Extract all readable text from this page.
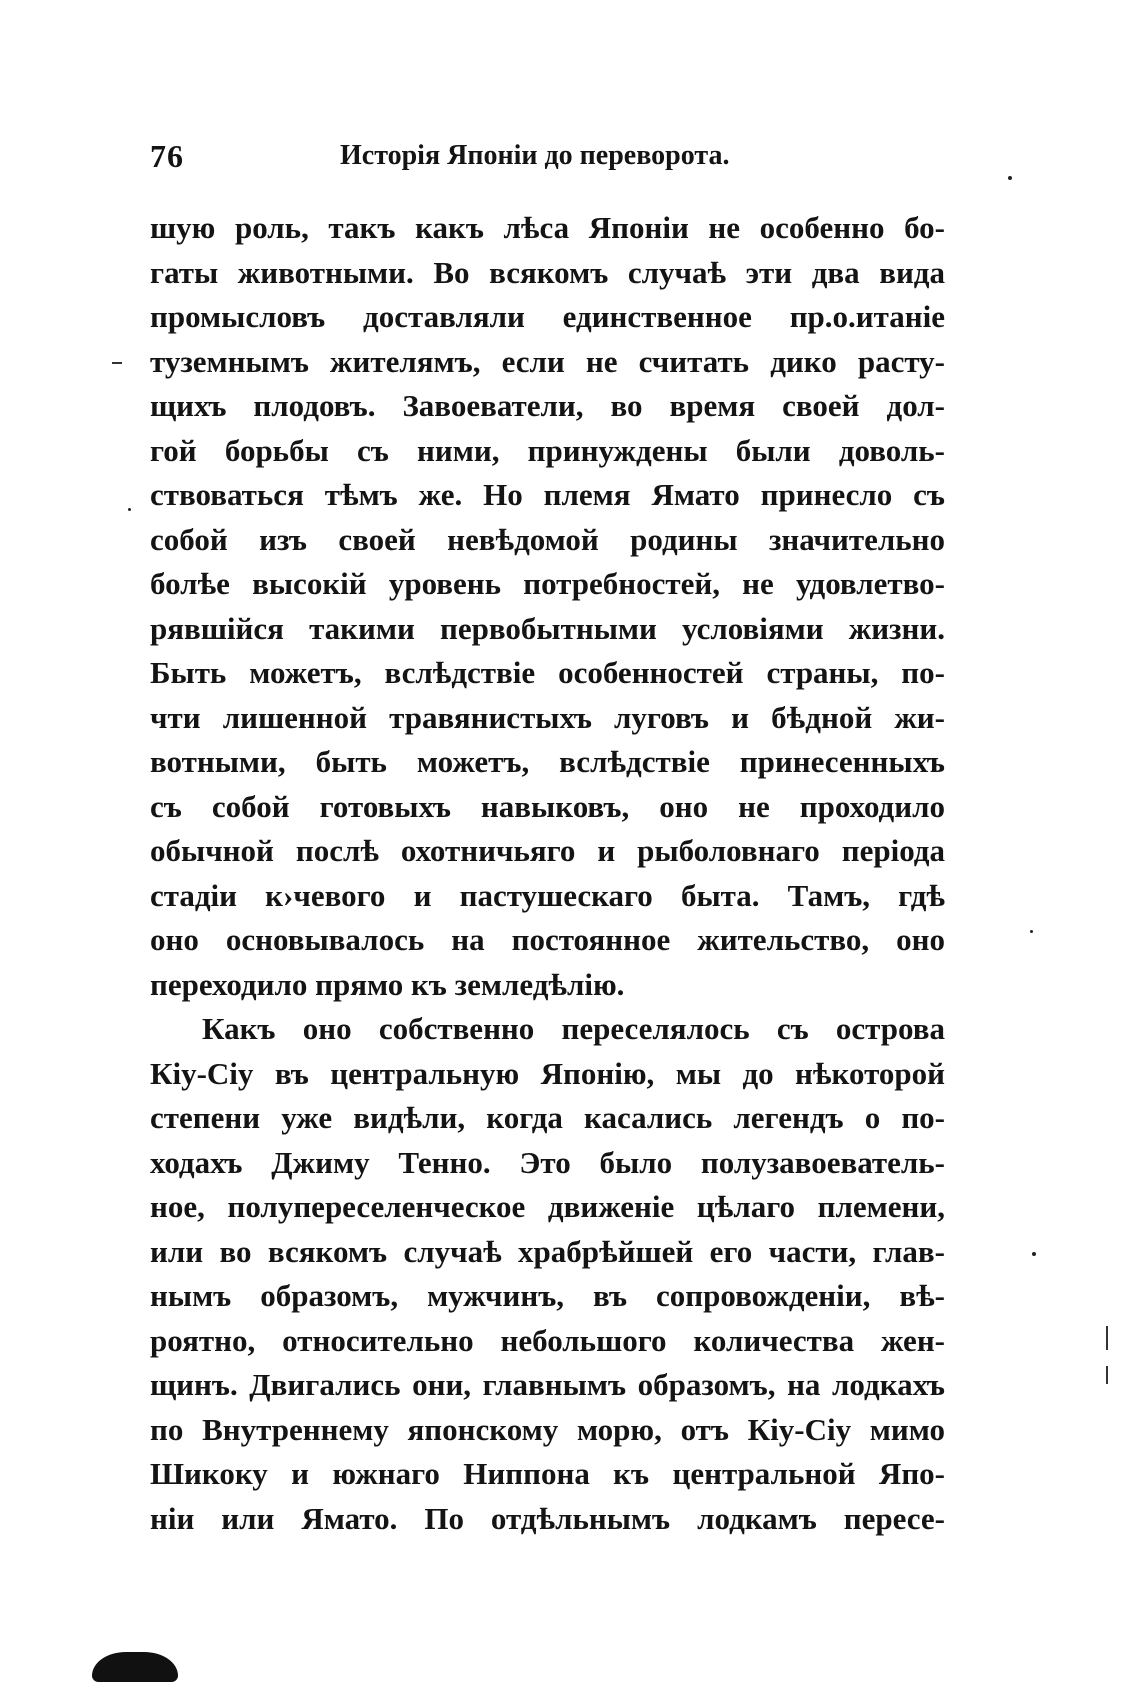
76	Исторія Японіи до переворота.
шую роль, такъ какъ лѣса Японіи не особенно бо-
гаты животными. Во всякомъ случаѣ эти два вида
промысловъ доставляли единственное пр.о.итаніе
туземнымъ жителямъ, если не считать дико расту-
щихъ плодовъ. Завоеватели, во время своей дол-
гой борьбы съ ними, принуждены были доволь-
ствоваться тѣмъ же. Но племя Ямато принесло съ
собой изъ своей невѣдомой родины значительно
болѣе высокій уровень потребностей, не удовлетво-
рявшійся такими первобытными условіями жизни.
Быть можетъ, вслѣдствіе особенностей страны, по-
чти лишенной травянистыхъ луговъ и бѣдной жи-
вотными, быть можетъ, вслѣдствіе принесенныхъ
съ собой готовыхъ навыковъ, оно не проходило
обычной послѣ охотничьяго и рыболовнаго періода
стадіи к›чевого и пастушескаго быта. Тамъ, гдѣ
оно основывалось на постоянное жительство, оно
переходило прямо къ земледѣлію.
Какъ оно собственно переселялось съ острова
Кіу-Сіу въ центральную Японію, мы до нѣкоторой
степени уже видѣли, когда касались легендъ о по-
ходахъ Джиму Тенно. Это было полузавоеватель-
ное, полупереселенческое движеніе цѣлаго племени,
или во всякомъ случаѣ храбрѣйшей его части, глав-
нымъ образомъ, мужчинъ, въ сопровожденіи, вѣ-
роятно, относительно небольшого количества жен-
щинъ. Двигались они, главнымъ образомъ, на лодкахъ
по Внутреннему японскому морю, отъ Кіу-Сіу мимо
Шикоку и южнаго Ниппона къ центральной Япо-
ніи или Ямато. По отдѣльнымъ лодкамъ пересе-
